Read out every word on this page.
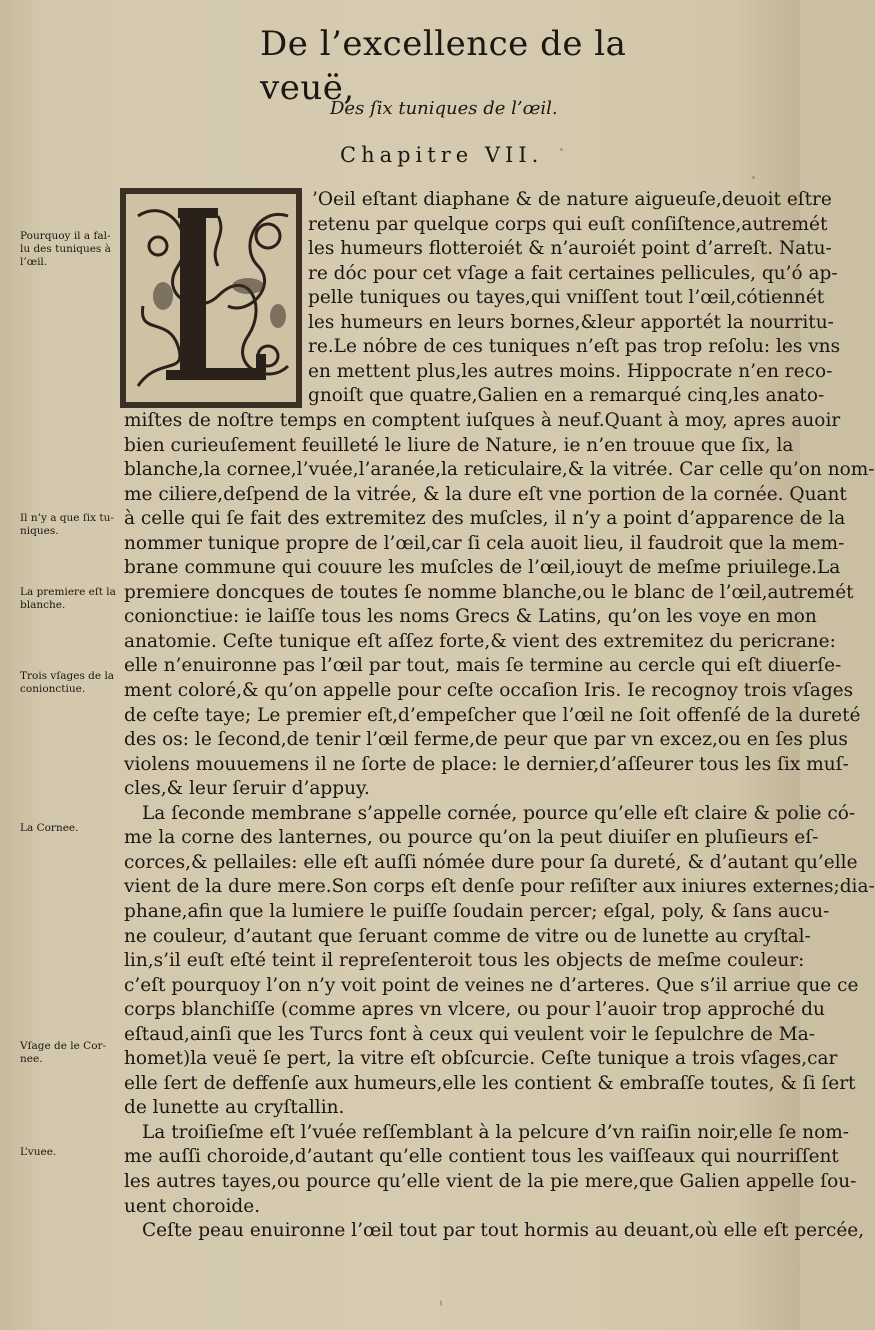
De l’excellence de la veuë,
Des ſix tuniques de l’œil.
Chapitre VII.
’Oeil eſtant diaphane & de nature aigueuſe,deuoit eſtre
retenu par quelque corps qui euſt conſiſtence,autremét
les humeurs flotteroiét & n’auroiét point d’arreſt. Natu-
re dóc pour cet vſage a fait certaines pellicules, qu’ó ap-
pelle tuniques ou tayes,qui vniſſent tout l’œil,cótiennét
les humeurs en leurs bornes,&leur apportét la nourritu-
re.Le nóbre de ces tuniques n’eſt pas trop reſolu: les vns
en mettent plus,les autres moins. Hippocrate n’en reco-
gnoiſt que quatre,Galien en a remarqué cinq,les anato-
miſtes de noſtre temps en comptent iuſques à neuf.Quant à moy, apres auoir
bien curieuſement feuilleté le liure de Nature, ie n’en trouue que ſix, la
blanche,la cornee,l’vuée,l’aranée,la reticulaire,& la vitrée. Car celle qu’on nom-
me ciliere,deſpend de la vitrée, & la dure eſt vne portion de la cornée. Quant
à celle qui ſe fait des extremitez des muſcles, il n’y a point d’apparence de la
nommer tunique propre de l’œil,car ſi cela auoit lieu, il faudroit que la mem-
brane commune qui couure les muſcles de l’œil,iouyt de meſme priuilege.La
premiere doncques de toutes ſe nomme blanche,ou le blanc de l’œil,autremét
conionctiue: ie laiſſe tous les noms Grecs & Latins, qu’on les voye en mon
anatomie. Ceſte tunique eſt aſſez forte,& vient des extremitez du pericrane:
elle n’enuironne pas l’œil par tout, mais ſe termine au cercle qui eſt diuerſe-
ment coloré,& qu’on appelle pour ceſte occaſion Iris. Ie recognoy trois vſages
de ceſte taye; Le premier eſt,d’empeſcher que l’œil ne ſoit offenſé de la dureté
des os: le ſecond,de tenir l’œil ferme,de peur que par vn excez,ou en ſes plus
violens mouuemens il ne ſorte de place: le dernier,d’aſſeurer tous les ſix muſ-
cles,& leur ſeruir d’appuy.
La ſeconde membrane s’appelle cornée, pource qu’elle eſt claire & polie có-
me la corne des lanternes, ou pource qu’on la peut diuiſer en pluſieurs eſ-
corces,& pellailes: elle eſt auſſi nómée dure pour ſa dureté, & d’autant qu’elle
vient de la dure mere.Son corps eſt denſe pour reſiſter aux iniures externes;dia-
phane,afin que la lumiere le puiſſe ſoudain percer; eſgal, poly, & ſans aucu-
ne couleur, d’autant que ſeruant comme de vitre ou de lunette au cryſtal-
lin,s’il euſt eſté teint il repreſenteroit tous les objects de meſme couleur:
c’eſt pourquoy l’on n’y voit point de veines ne d’arteres. Que s’il arriue que ce
corps blanchiſſe (comme apres vn vlcere, ou pour l’auoir trop approché du
eſtaud,ainſi que les Turcs font à ceux qui veulent voir le ſepulchre de Ma-
homet)la veuë ſe pert, la vitre eſt obſcurcie. Ceſte tunique a trois vſages,car
elle ſert de deffenſe aux humeurs,elle les contient & embraſſe toutes, & ſi ſert
de lunette au cryſtallin.
La troiſieſme eſt l’vuée reſſemblant à la pelcure d’vn raiſin noir,elle ſe nom-
me auſſi choroide,d’autant qu’elle contient tous les vaiſſeaux qui nourriſſent
les autres tayes,ou pource qu’elle vient de la pie mere,que Galien appelle ſou-
uent choroide.
Ceſte peau enuironne l’œil tout par tout hormis au deuant,où elle eſt percée,
Pourquoy il a fal-
lu des tuniques à
l’œil.
Il n’y a que ſix tu-
niques.
La premiere eſt la
blanche.
Trois vſages de la
conionctiue.
La Cornee.
Vſage de le Cor-
nee.
L’vuee.
